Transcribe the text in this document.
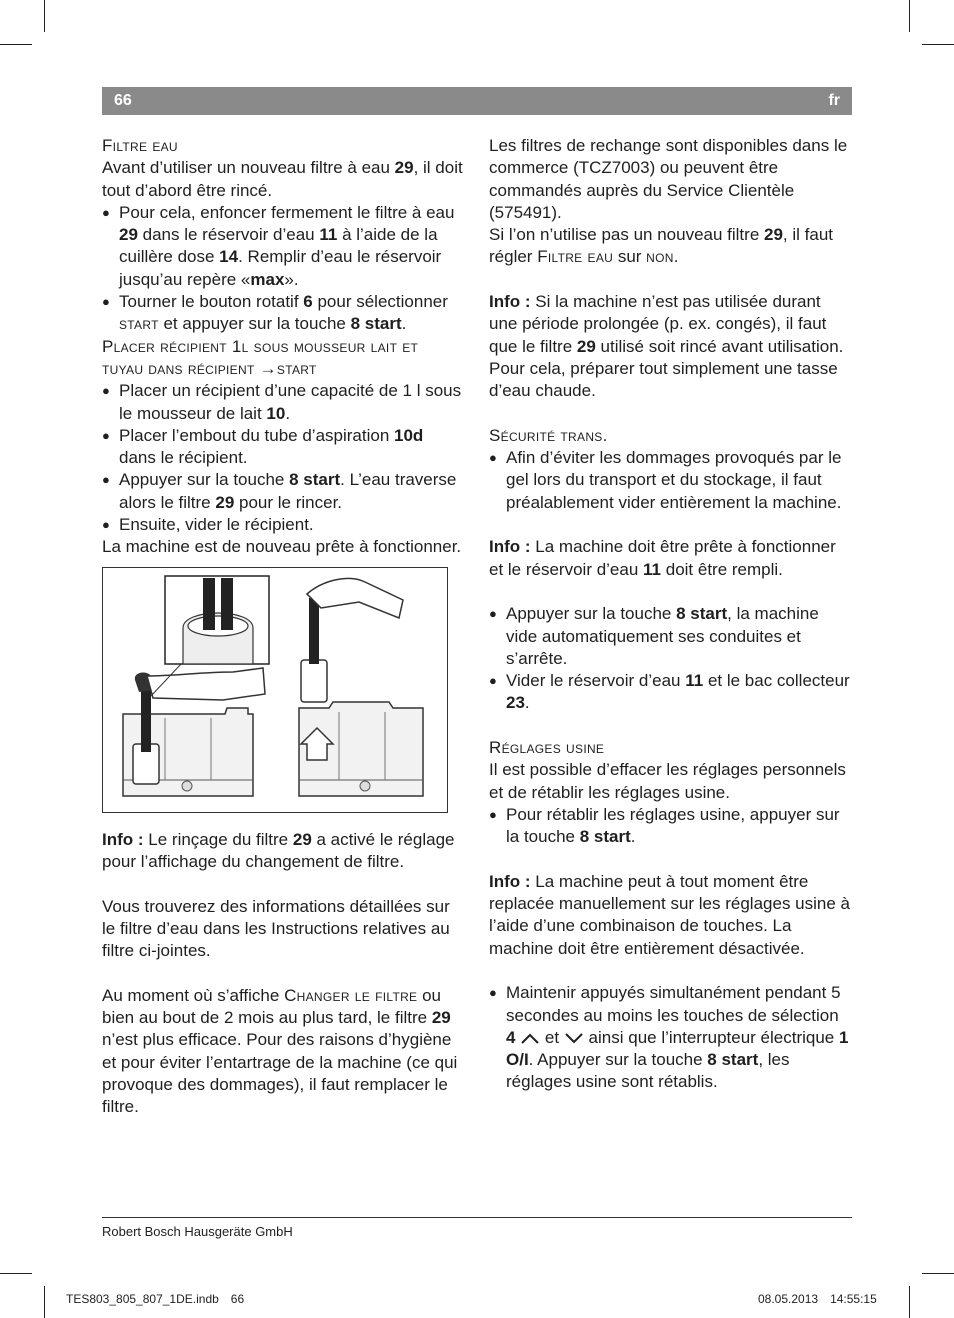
66	fr

Filtre eau

Avant d’utiliser un nouveau filtre à eau 29, il doit tout d’abord être rincé.

● Pour cela, enfoncer fermement le filtre à eau 29 dans le réservoir d’eau 11 à l’aide de la cuillère dose 14. Remplir d’eau le réservoir jusqu’au repère «max».

● Tourner le bouton rotatif 6 pour sélectionner start et appuyer sur la touche 8 start.

Placer récipient 1l sous mousseur lait et tuyau dans récipient →start

● Placer un récipient d’une capacité de 1 l sous le mousseur de lait 10.

● Placer l’embout du tube d’aspiration 10d dans le récipient.

● Appuyer sur la touche 8 start. L’eau traverse alors le filtre 29 pour le rincer.

● Ensuite, vider le récipient.

La machine est de nouveau prête à fonctionner.

Info : Le rinçage du filtre 29 a activé le réglage pour l’affichage du changement de filtre.

Vous trouverez des informations détaillées sur le filtre d’eau dans les Instructions relatives au filtre ci-jointes.

Au moment où s’affiche Changer le filtre ou bien au bout de 2 mois au plus tard, le filtre 29 n’est plus efficace. Pour des raisons d’hygiène et pour éviter l’entartrage de la machine (ce qui provoque des dommages), il faut remplacer le filtre.

Les filtres de rechange sont disponibles dans le commerce (TCZ7003) ou peuvent être commandés auprès du Service Clientèle (575491).

Si l’on n’utilise pas un nouveau filtre 29, il faut régler Filtre eau sur non.

Info : Si la machine n’est pas utilisée durant une période prolongée (p. ex. congés), il faut que le filtre 29 utilisé soit rincé avant utilisation. Pour cela, préparer tout simplement une tasse d’eau chaude.

Sécurité trans.

● Afin d’éviter les dommages provoqués par le gel lors du transport et du stockage, il faut préalablement vider entièrement la machine.

Info : La machine doit être prête à fonctionner et le réservoir d’eau 11 doit être rempli.

● Appuyer sur la touche 8 start, la machine vide automatiquement ses conduites et s’arrête.

● Vider le réservoir d’eau 11 et le bac collecteur 23.

Réglages usine

Il est possible d’effacer les réglages personnels et de rétablir les réglages usine.

● Pour rétablir les réglages usine, appuyer sur la touche 8 start.

Info : La machine peut à tout moment être replacée manuellement sur les réglages usine à l’aide d’une combinaison de touches. La machine doit être entièrement désactivée.

● Maintenir appuyés simultanément pendant 5 secondes au moins les touches de sélection 4  et  ainsi que l’interrupteur électrique 1 O/I. Appuyer sur la touche 8 start, les réglages usine sont rétablis.

Robert Bosch Hausgeräte GmbH
TES803_805_807_1DE.indb 66	08.05.2013 14:55:15
